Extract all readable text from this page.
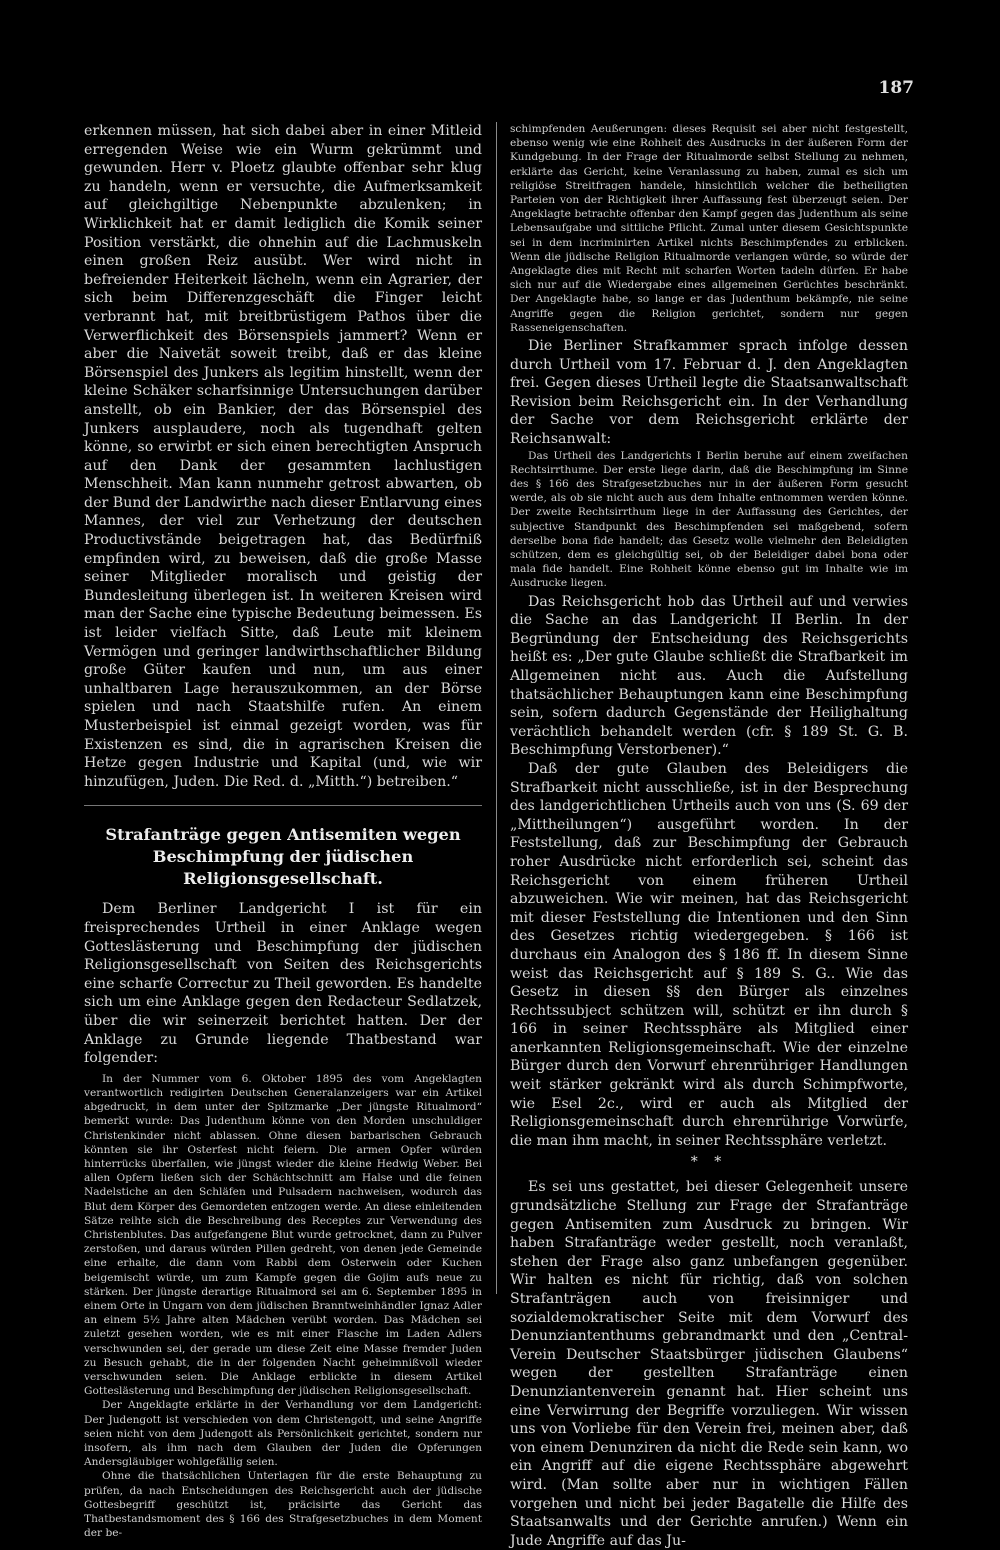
187

erkennen müssen, hat sich dabei aber in einer Mitleid erregenden Weise wie ein Wurm gekrümmt und gewunden. Herr v. Ploetz glaubte offenbar sehr klug zu handeln, wenn er versuchte, die Aufmerksamkeit auf gleichgiltige Nebenpunkte abzulenken; in Wirklichkeit hat er damit lediglich die Komik seiner Position verstärkt, die ohnehin auf die Lachmuskeln einen großen Reiz ausübt. Wer wird nicht in befreiender Heiterkeit lächeln, wenn ein Agrarier, der sich beim Differenzgeschäft die Finger leicht verbrannt hat, mit breitbrüstigem Pathos über die Verwerflichkeit des Börsenspiels jammert? Wenn er aber die Naivetät soweit treibt, daß er das kleine Börsenspiel des Junkers als legitim hinstellt, wenn der kleine Schäker scharfsinnige Untersuchungen darüber anstellt, ob ein Bankier, der das Börsenspiel des Junkers ausplaudere, noch als tugendhaft gelten könne, so erwirbt er sich einen berechtigten Anspruch auf den Dank der gesammten lachlustigen Menschheit. Man kann nunmehr getrost abwarten, ob der Bund der Landwirthe nach dieser Entlarvung eines Mannes, der viel zur Verhetzung der deutschen Productivstände beigetragen hat, das Bedürfniß empfinden wird, zu beweisen, daß die große Masse seiner Mitglieder moralisch und geistig der Bundesleitung überlegen ist. In weiteren Kreisen wird man der Sache eine typische Bedeutung beimessen. Es ist leider vielfach Sitte, daß Leute mit kleinem Vermögen und geringer landwirthschaftlicher Bildung große Güter kaufen und nun, um aus einer unhaltbaren Lage herauszukommen, an der Börse spielen und nach Staatshilfe rufen. An einem Musterbeispiel ist einmal gezeigt worden, was für Existenzen es sind, die in agrarischen Kreisen die Hetze gegen Industrie und Kapital (und, wie wir hinzufügen, Juden. Die Red. d. „Mitth.“) betreiben.“

Strafanträge gegen Antisemiten wegen Beschimpfung der jüdischen Religionsgesellschaft.

Dem Berliner Landgericht I ist für ein freisprechendes Urtheil in einer Anklage wegen Gotteslästerung und Beschimpfung der jüdischen Religionsgesellschaft von Seiten des Reichsgerichts eine scharfe Correctur zu Theil geworden. Es handelte sich um eine Anklage gegen den Redacteur Sedlatzek, über die wir seinerzeit berichtet hatten. Der der Anklage zu Grunde liegende Thatbestand war folgender:

In der Nummer vom 6. Oktober 1895 des vom Angeklagten verantwortlich redigirten Deutschen Generalanzeigers war ein Artikel abgedruckt, in dem unter der Spitzmarke „Der jüngste Ritualmord“ bemerkt wurde: Das Judenthum könne von den Morden unschuldiger Christenkinder nicht ablassen. Ohne diesen barbarischen Gebrauch könnten sie ihr Osterfest nicht feiern. Die armen Opfer würden hinterrücks überfallen, wie jüngst wieder die kleine Hedwig Weber. Bei allen Opfern ließen sich der Schächtschnitt am Halse und die feinen Nadelstiche an den Schläfen und Pulsadern nachweisen, wodurch das Blut dem Körper des Gemordeten entzogen werde. An diese einleitenden Sätze reihte sich die Beschreibung des Receptes zur Verwendung des Christenblutes. Das aufgefangene Blut wurde getrocknet, dann zu Pulver zerstoßen, und daraus würden Pillen gedreht, von denen jede Gemeinde eine erhalte, die dann vom Rabbi dem Osterwein oder Kuchen beigemischt würde, um zum Kampfe gegen die Gojim aufs neue zu stärken. Der jüngste derartige Ritualmord sei am 6. September 1895 in einem Orte in Ungarn von dem jüdischen Branntweinhändler Ignaz Adler an einem 5½ Jahre alten Mädchen verübt worden. Das Mädchen sei zuletzt gesehen worden, wie es mit einer Flasche im Laden Adlers verschwunden sei, der gerade um diese Zeit eine Masse fremder Juden zu Besuch gehabt, die in der folgenden Nacht geheimnißvoll wieder verschwunden seien. Die Anklage erblickte in diesem Artikel Gotteslästerung und Beschimpfung der jüdischen Religionsgesellschaft.

Der Angeklagte erklärte in der Verhandlung vor dem Landgericht: Der Judengott ist verschieden von dem Christengott, und seine Angriffe seien nicht von dem Judengott als Persönlichkeit gerichtet, sondern nur insofern, als ihm nach dem Glauben der Juden die Opferungen Andersgläubiger wohlgefällig seien.

Ohne die thatsächlichen Unterlagen für die erste Behauptung zu prüfen, da nach Entscheidungen des Reichsgericht auch der jüdische Gottesbegriff geschützt ist, präcisirte das Gericht das Thatbestandsmoment des § 166 des Strafgesetzbuches in dem Moment der be-

schimpfenden Aeußerungen: dieses Requisit sei aber nicht festgestellt, ebenso wenig wie eine Rohheit des Ausdrucks in der äußeren Form der Kundgebung. In der Frage der Ritualmorde selbst Stellung zu nehmen, erklärte das Gericht, keine Veranlassung zu haben, zumal es sich um religiöse Streitfragen handele, hinsichtlich welcher die betheiligten Parteien von der Richtigkeit ihrer Auffassung fest überzeugt seien. Der Angeklagte betrachte offenbar den Kampf gegen das Judenthum als seine Lebensaufgabe und sittliche Pflicht. Zumal unter diesem Gesichtspunkte sei in dem incriminirten Artikel nichts Beschimpfendes zu erblicken. Wenn die jüdische Religion Ritualmorde verlangen würde, so würde der Angeklagte dies mit Recht mit scharfen Worten tadeln dürfen. Er habe sich nur auf die Wiedergabe eines allgemeinen Gerüchtes beschränkt. Der Angeklagte habe, so lange er das Judenthum bekämpfe, nie seine Angriffe gegen die Religion gerichtet, sondern nur gegen Rasseneigenschaften.

Die Berliner Strafkammer sprach infolge dessen durch Urtheil vom 17. Februar d. J. den Angeklagten frei. Gegen dieses Urtheil legte die Staatsanwaltschaft Revision beim Reichsgericht ein. In der Verhandlung der Sache vor dem Reichsgericht erklärte der Reichsanwalt:

Das Urtheil des Landgerichts I Berlin beruhe auf einem zweifachen Rechtsirrthume. Der erste liege darin, daß die Beschimpfung im Sinne des § 166 des Strafgesetzbuches nur in der äußeren Form gesucht werde, als ob sie nicht auch aus dem Inhalte entnommen werden könne. Der zweite Rechtsirrthum liege in der Auffassung des Gerichtes, der subjective Standpunkt des Beschimpfenden sei maßgebend, sofern derselbe bona fide handelt; das Gesetz wolle vielmehr den Beleidigten schützen, dem es gleichgültig sei, ob der Beleidiger dabei bona oder mala fide handelt. Eine Rohheit könne ebenso gut im Inhalte wie im Ausdrucke liegen.

Das Reichsgericht hob das Urtheil auf und verwies die Sache an das Landgericht II Berlin. In der Begründung der Entscheidung des Reichsgerichts heißt es: „Der gute Glaube schließt die Strafbarkeit im Allgemeinen nicht aus. Auch die Aufstellung thatsächlicher Behauptungen kann eine Beschimpfung sein, sofern dadurch Gegenstände der Heilighaltung verächtlich behandelt werden (cfr. § 189 St. G. B. Beschimpfung Verstorbener).“

Daß der gute Glauben des Beleidigers die Strafbarkeit nicht ausschließe, ist in der Besprechung des landgerichtlichen Urtheils auch von uns (S. 69 der „Mittheilungen“) ausgeführt worden. In der Feststellung, daß zur Beschimpfung der Gebrauch roher Ausdrücke nicht erforderlich sei, scheint das Reichsgericht von einem früheren Urtheil abzuweichen. Wie wir meinen, hat das Reichsgericht mit dieser Feststellung die Intentionen und den Sinn des Gesetzes richtig wiedergegeben. § 166 ist durchaus ein Analogon des § 186 ff. In diesem Sinne weist das Reichsgericht auf § 189 S. G.. Wie das Gesetz in diesen §§ den Bürger als einzelnes Rechtssubject schützen will, schützt er ihn durch § 166 in seiner Rechtssphäre als Mitglied einer anerkannten Religionsgemeinschaft. Wie der einzelne Bürger durch den Vorwurf ehrenrühriger Handlungen weit stärker gekränkt wird als durch Schimpfworte, wie Esel 2c., wird er auch als Mitglied der Religionsgemeinschaft durch ehrenrührige Vorwürfe, die man ihm macht, in seiner Rechtssphäre verletzt.

* *

Es sei uns gestattet, bei dieser Gelegenheit unsere grundsätzliche Stellung zur Frage der Strafanträge gegen Antisemiten zum Ausdruck zu bringen. Wir haben Strafanträge weder gestellt, noch veranlaßt, stehen der Frage also ganz unbefangen gegenüber. Wir halten es nicht für richtig, daß von solchen Strafanträgen auch von freisinniger und sozialdemokratischer Seite mit dem Vorwurf des Denunziantenthums gebrandmarkt und den „Central-Verein Deutscher Staatsbürger jüdischen Glaubens“ wegen der gestellten Strafanträge einen Denunziantenverein genannt hat. Hier scheint uns eine Verwirrung der Begriffe vorzuliegen. Wir wissen uns von Vorliebe für den Verein frei, meinen aber, daß von einem Denunziren da nicht die Rede sein kann, wo ein Angriff auf die eigene Rechtssphäre abgewehrt wird. (Man sollte aber nur in wichtigen Fällen vorgehen und nicht bei jeder Bagatelle die Hilfe des Staatsanwalts und der Gerichte anrufen.) Wenn ein Jude Angriffe auf das Ju-
